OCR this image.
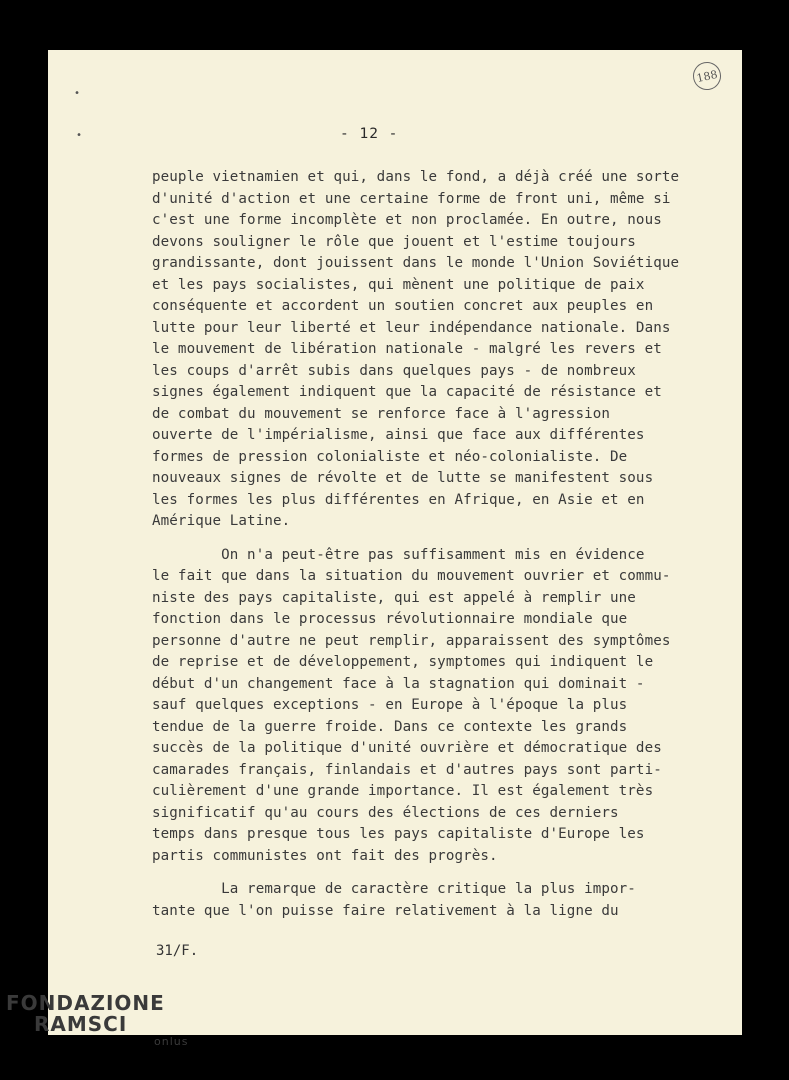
•
•
188
- 12 -
peuple vietnamien et qui, dans le fond, a déjà créé une sorte
d'unité d'action et une certaine forme de front uni, même si
c'est une forme incomplète et non proclamée. En outre, nous
devons souligner le rôle que jouent et l'estime toujours
grandissante, dont jouissent dans le monde l'Union Soviétique
et les pays socialistes, qui mènent une politique de paix
conséquente et accordent un soutien concret aux peuples en
lutte pour leur liberté et leur indépendance nationale. Dans
le mouvement de libération nationale - malgré les revers et
les coups d'arrêt subis dans quelques pays - de nombreux
signes également indiquent que la capacité de résistance et
de combat du mouvement se renforce face à l'agression
ouverte de l'impérialisme, ainsi que face aux différentes
formes de pression colonialiste et néo-colonialiste. De
nouveaux signes de révolte et de lutte se manifestent sous
les formes les plus différentes en Afrique, en Asie et en
Amérique Latine.
On n'a peut-être pas suffisamment mis en évidence
le fait que dans la situation du mouvement ouvrier et commu-
niste des pays capitaliste, qui est appelé à remplir une
fonction dans le processus révolutionnaire mondiale que
personne d'autre ne peut remplir, apparaissent des symptômes
de reprise et de développement, symptomes qui indiquent le
début d'un changement face à la stagnation qui dominait -
sauf quelques exceptions - en Europe à l'époque la plus
tendue de la guerre froide. Dans ce contexte les grands
succès de la politique d'unité ouvrière et démocratique des
camarades français, finlandais et d'autres pays sont parti-
culièrement d'une grande importance. Il est également très
significatif qu'au cours des élections de ces derniers
temps dans presque tous les pays capitaliste d'Europe les
partis communistes ont fait des progrès.
La remarque de caractère critique la plus impor-
tante que l'on puisse faire relativement à la ligne du
31/F.
FONDAZIONE
RAMSCI
onlus
